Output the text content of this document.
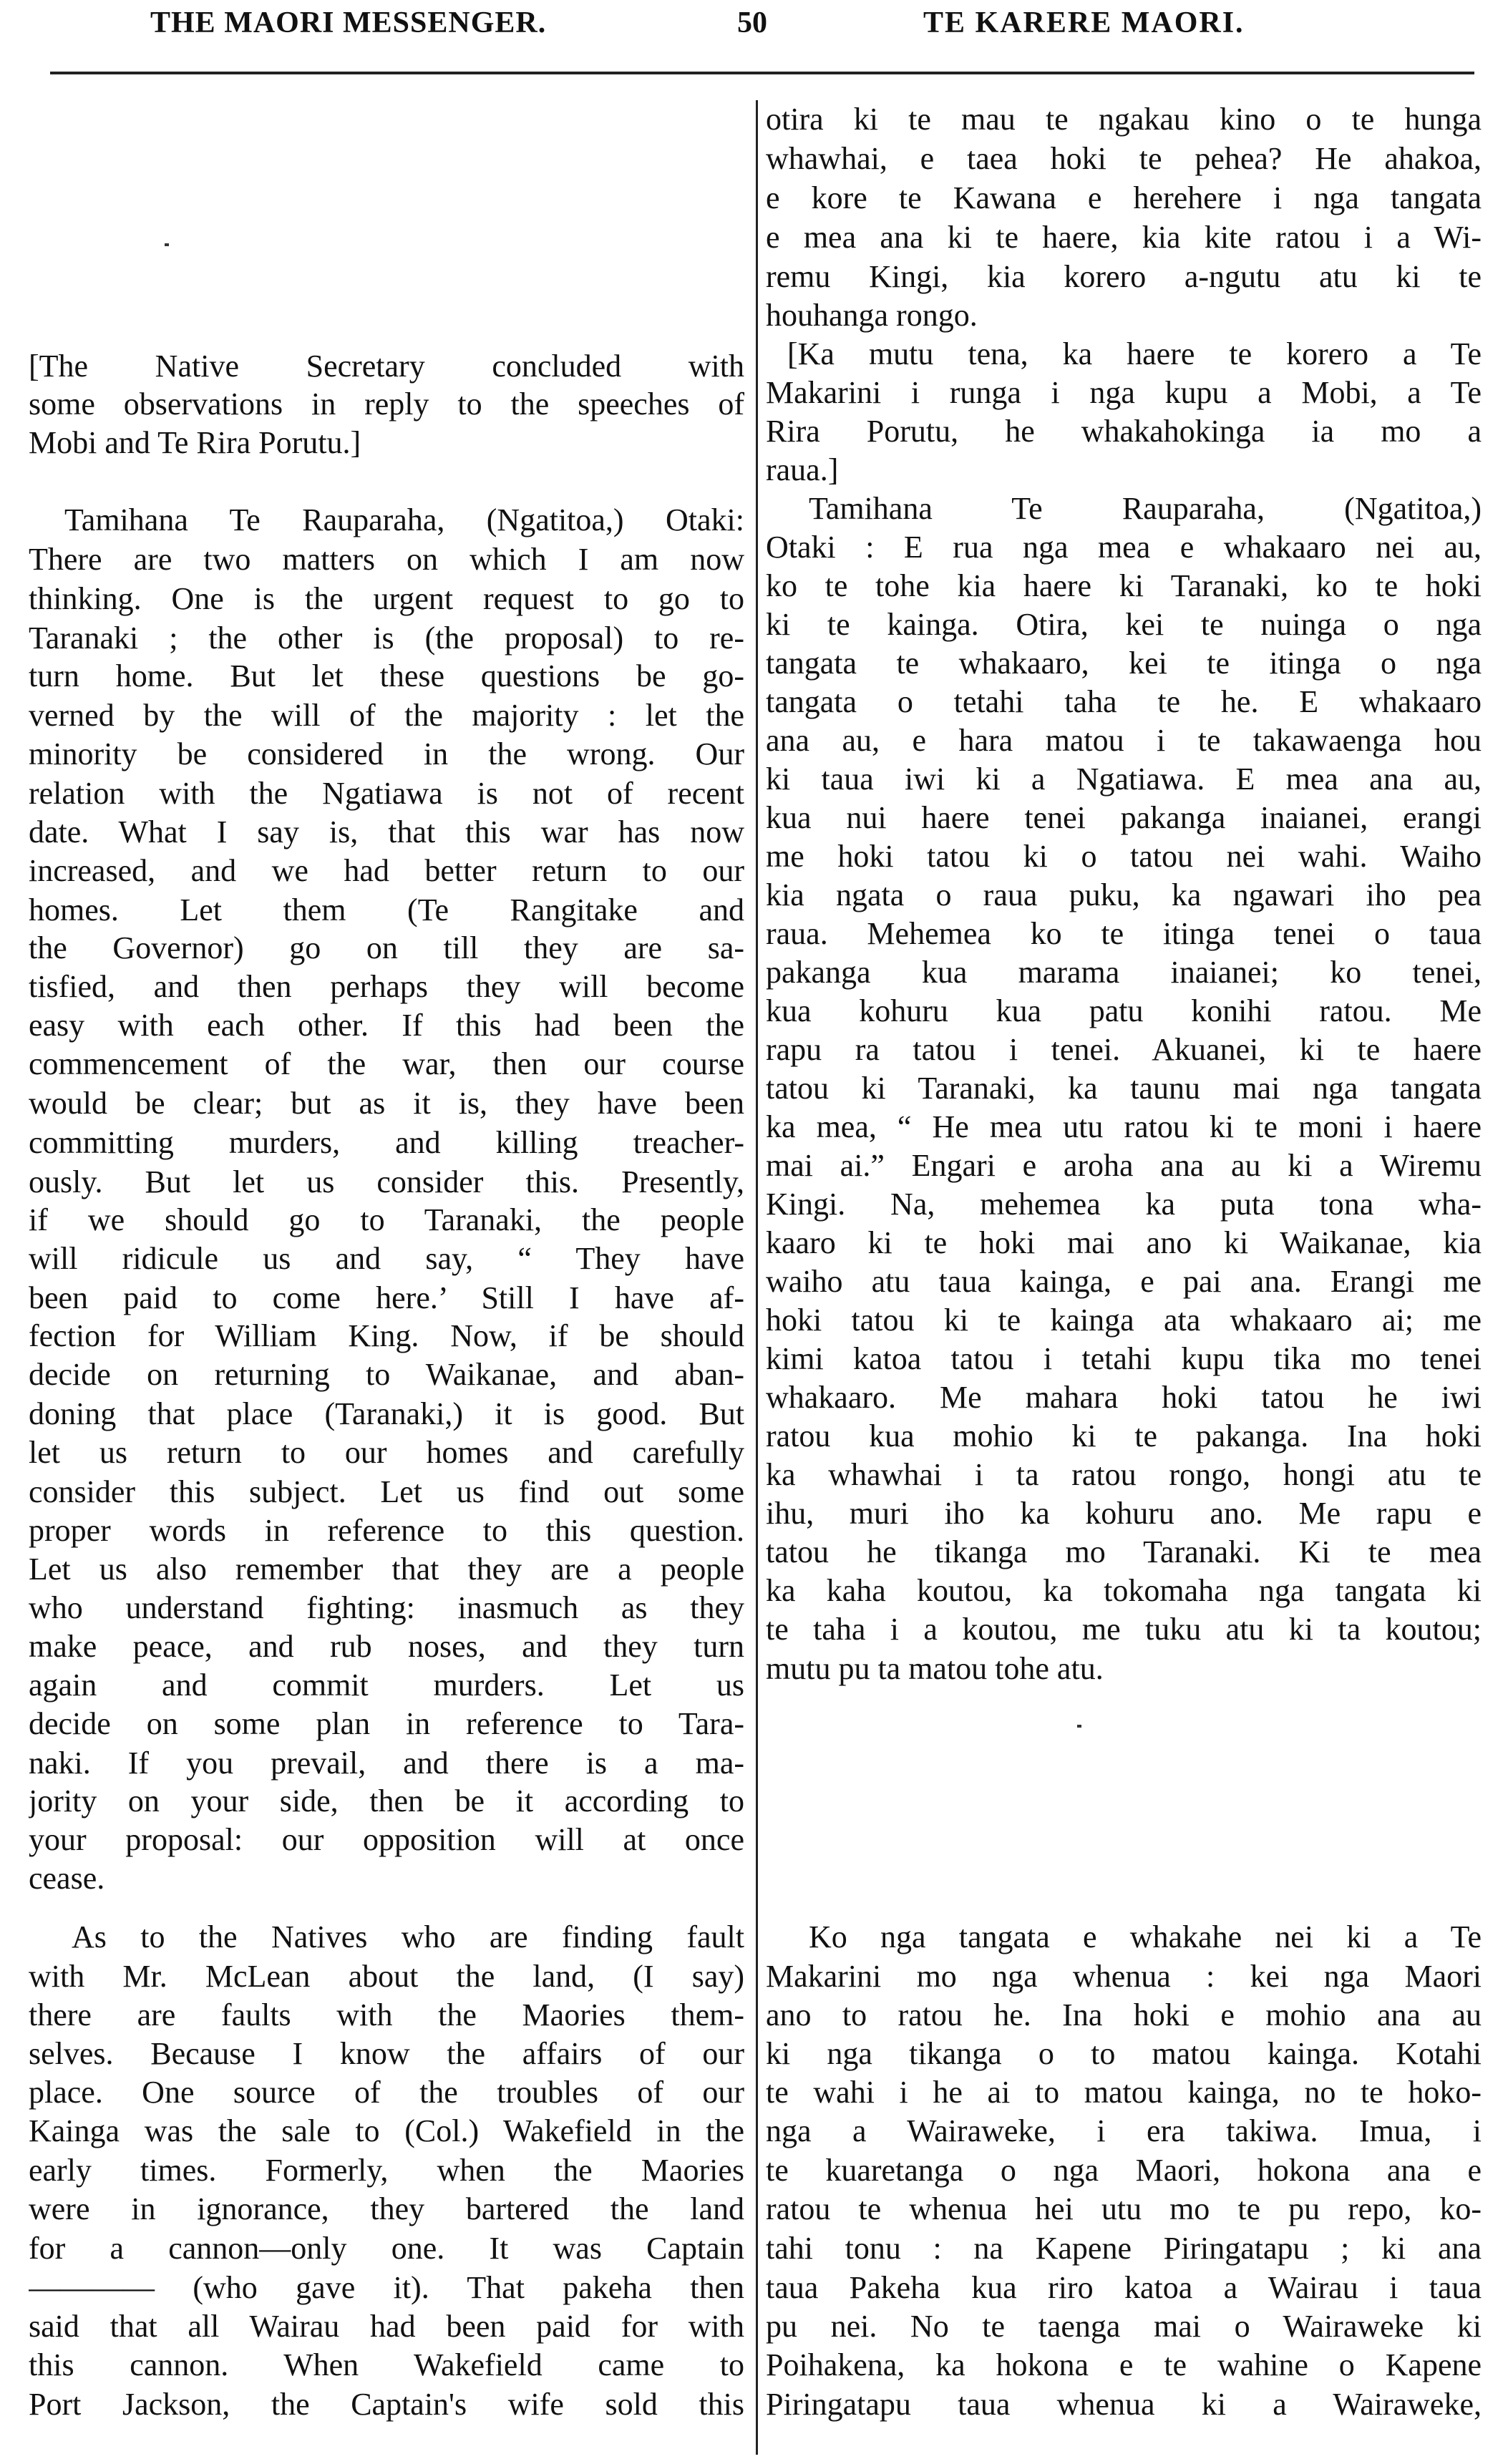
THE MAORI MESSENGER.	50	TE KARERE MAORI.
[The Native Secretary concluded with
some observations in reply to the speeches of
Mobi and Te Rira Porutu.]
Tamihana Te Rauparaha, (Ngatitoa,) Otaki:
There are two matters on which I am now
thinking. One is the urgent request to go to
Taranaki ; the other is (the proposal) to re-
turn home. But let these questions be go-
verned by the will of the majority : let the
minority be considered in the wrong. Our
relation with the Ngatiawa is not of recent
date. What I say is, that this war has now
increased, and we had better return to our
homes. Let them (Te Rangitake and
the Governor) go on till they are sa-
tisfied, and then perhaps they will become
easy with each other. If this had been the
commencement of the war, then our course
would be clear; but as it is, they have been
committing murders, and killing treacher-
ously. But let us consider this. Presently,
if we should go to Taranaki, the people
will ridicule us and say, “ They have
been paid to come here.’ Still I have af-
fection for William King. Now, if be should
decide on returning to Waikanae, and aban-
doning that place (Taranaki,) it is good. But
let us return to our homes and carefully
consider this subject. Let us find out some
proper words in reference to this question.
Let us also remember that they are a people
who understand fighting: inasmuch as they
make peace, and rub noses, and they turn
again and commit murders. Let us
decide on some plan in reference to Tara-
naki. If you prevail, and there is a ma-
jority on your side, then be it according to
your proposal: our opposition will at once
cease.
As to the Natives who are finding fault
with Mr. McLean about the land, (I say)
there are faults with the Maories them-
selves. Because I know the affairs of our
place. One source of the troubles of our
Kainga was the sale to (Col.) Wakefield in the
early times. Formerly, when the Maories
were in ignorance, they bartered the land
for a cannon—only one. It was Captain
———— (who gave it). That pakeha then
said that all Wairau had been paid for with
this cannon. When Wakefield came to
Port Jackson, the Captain's wife sold this
otira ki te mau te ngakau kino o te hunga
whawhai, e taea hoki te pehea? He ahakoa,
e kore te Kawana e herehere i nga tangata
e mea ana ki te haere, kia kite ratou i a Wi-
remu Kingi, kia korero a-ngutu atu ki te
houhanga rongo.
[Ka mutu tena, ka haere te korero a Te
Makarini i runga i nga kupu a Mobi, a Te
Rira Porutu, he whakahokinga ia mo a
raua.]
Tamihana Te Rauparaha, (Ngatitoa,)
Otaki : E rua nga mea e whakaaro nei au,
ko te tohe kia haere ki Taranaki, ko te hoki
ki te kainga. Otira, kei te nuinga o nga
tangata te whakaaro, kei te itinga o nga
tangata o tetahi taha te he. E whakaaro
ana au, e hara matou i te takawaenga hou
ki taua iwi ki a Ngatiawa. E mea ana au,
kua nui haere tenei pakanga inaianei, erangi
me hoki tatou ki o tatou nei wahi. Waiho
kia ngata o raua puku, ka ngawari iho pea
raua. Mehemea ko te itinga tenei o taua
pakanga kua marama inaianei; ko tenei,
kua kohuru kua patu konihi ratou. Me
rapu ra tatou i tenei. Akuanei, ki te haere
tatou ki Taranaki, ka taunu mai nga tangata
ka mea, “ He mea utu ratou ki te moni i haere
mai ai.” Engari e aroha ana au ki a Wiremu
Kingi. Na, mehemea ka puta tona wha-
kaaro ki te hoki mai ano ki Waikanae, kia
waiho atu taua kainga, e pai ana. Erangi me
hoki tatou ki te kainga ata whakaaro ai; me
kimi katoa tatou i tetahi kupu tika mo tenei
whakaaro. Me mahara hoki tatou he iwi
ratou kua mohio ki te pakanga. Ina hoki
ka whawhai i ta ratou rongo, hongi atu te
ihu, muri iho ka kohuru ano. Me rapu e
tatou he tikanga mo Taranaki. Ki te mea
ka kaha koutou, ka tokomaha nga tangata ki
te taha i a koutou, me tuku atu ki ta koutou;
mutu pu ta matou tohe atu.
Ko nga tangata e whakahe nei ki a Te
Makarini mo nga whenua : kei nga Maori
ano to ratou he. Ina hoki e mohio ana au
ki nga tikanga o to matou kainga. Kotahi
te wahi i he ai to matou kainga, no te hoko-
nga a Wairaweke, i era takiwa. Imua, i
te kuaretanga o nga Maori, hokona ana e
ratou te whenua hei utu mo te pu repo, ko-
tahi tonu : na Kapene Piringatapu ; ki ana
taua Pakeha kua riro katoa a Wairau i taua
pu nei. No te taenga mai o Wairaweke ki
Poihakena, ka hokona e te wahine o Kapene
Piringatapu taua whenua ki a Wairaweke,
